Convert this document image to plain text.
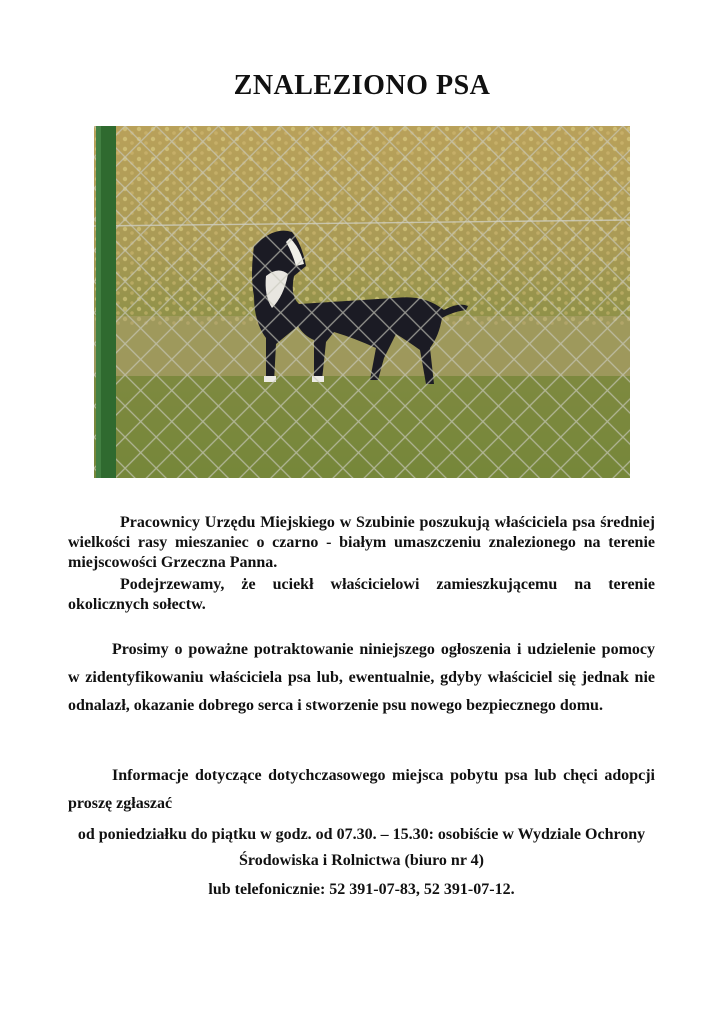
ZNALEZIONO PSA
Pracownicy Urzędu Miejskiego w Szubinie poszukują właściciela psa średniej wielkości rasy mieszaniec o czarno - białym umaszczeniu znalezionego na terenie miejscowości Grzeczna Panna.
Podejrzewamy, że uciekł właścicielowi zamieszkującemu na terenie okolicznych sołectw.
Prosimy o poważne potraktowanie niniejszego ogłoszenia i udzielenie pomocy w zidentyfikowaniu właściciela psa lub, ewentualnie, gdyby właściciel się jednak nie odnalazł, okazanie dobrego serca i stworzenie psu nowego bezpiecznego domu.
Informacje dotyczące dotychczasowego miejsca pobytu psa lub chęci adopcji proszę zgłaszać
od poniedziałku do piątku w godz. od 07.30. – 15.30: osobiście w Wydziale Ochrony Środowiska i Rolnictwa (biuro nr 4)
lub telefonicznie: 52 391-07-83, 52 391-07-12.
